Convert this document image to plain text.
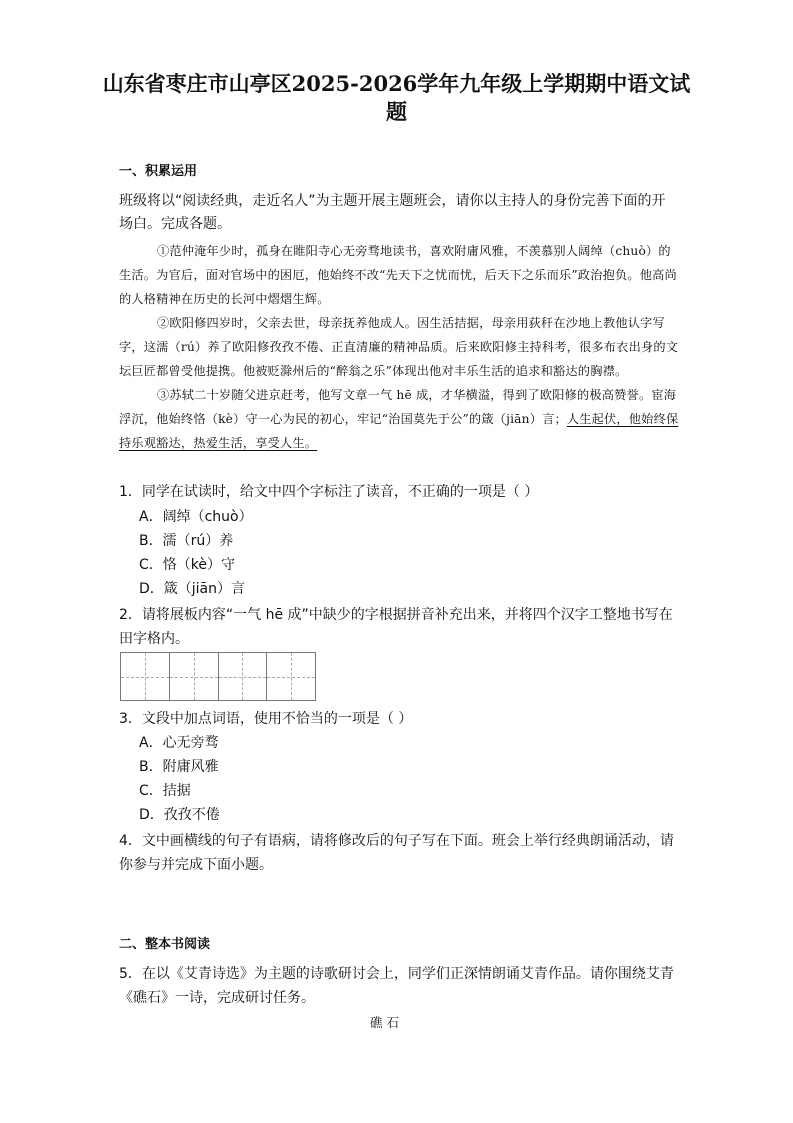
山东省枣庄市山亭区2025-2026学年九年级上学期期中语文试题
一、积累运用
班级将以“阅读经典，走近名人”为主题开展主题班会，请你以主持人的身份完善下面的开场白。完成各题。

①范仲淹年少时，孤身在睢阳寺心无旁骛地读书，喜欢附庸风雅，不羡慕别人阔绰（chuò）的生活。为官后，面对官场中的困厄，他始终不改“先天下之忧而忧，后天下之乐而乐”政治抱负。他高尚的人格精神在历史的长河中熠熠生辉。

②欧阳修四岁时，父亲去世，母亲抚养他成人。因生活拮据，母亲用荻秆在沙地上教他认字写字，这濡（rú）养了欧阳修孜孜不倦、正直清廉的精神品质。后来欧阳修主持科考，很多布衣出身的文坛巨匠都曾受他提携。他被贬滁州后的“醉翁之乐”体现出他对丰乐生活的追求和豁达的胸襟。

③苏轼二十岁随父进京赶考，他写文章一气 hē 成，才华横溢，得到了欧阳修的极高赞誉。宦海浮沉，他始终恪（kè）守一心为民的初心，牢记“治国莫先于公”的箴（jiān）言；人生起伏，他始终保持乐观豁达，热爱生活，享受人生。

1．同学在试读时，给文中四个字标注了读音，不正确的一项是（ ）
A．阔绰（chuò）
B．濡（rú）养
C．恪（kè）守
D．箴（jiān）言
2．请将展板内容“一气 hē 成”中缺少的字根据拼音补充出来，并将四个汉字工整地书写在田字格内。
3．文段中加点词语，使用不恰当的一项是（ ）
A．心无旁骛
B．附庸风雅
C．拮据
D．孜孜不倦
4．文中画横线的句子有语病，请将修改后的句子写在下面。班会上举行经典朗诵活动，请你参与并完成下面小题。
二、整本书阅读
5．在以《艾青诗选》为主题的诗歌研讨会上，同学们正深情朗诵艾青作品。请你围绕艾青《礁石》一诗，完成研讨任务。
礁石
